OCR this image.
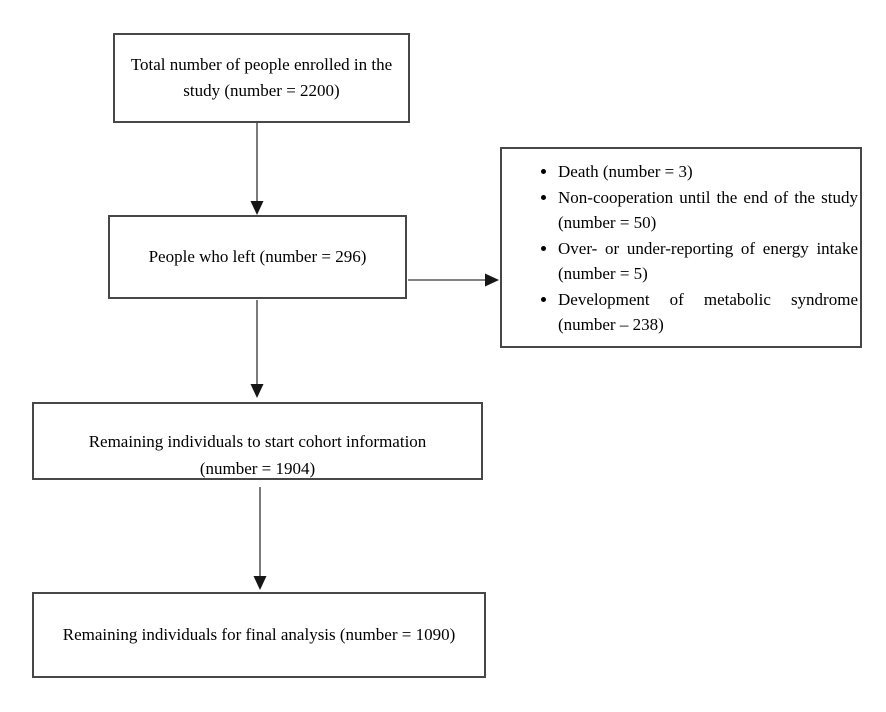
Total number of people enrolled in the
study (number = 2200)
People who left (number = 296)
• Death (number = 3)
• Non-cooperation until the end of the study (number = 50)
• Over- or under-reporting of energy intake (number = 5)
• Development of metabolic syndrome (number – 238)
Remaining individuals to start cohort information
(number = 1904)
Remaining individuals for final analysis (number = 1090)
